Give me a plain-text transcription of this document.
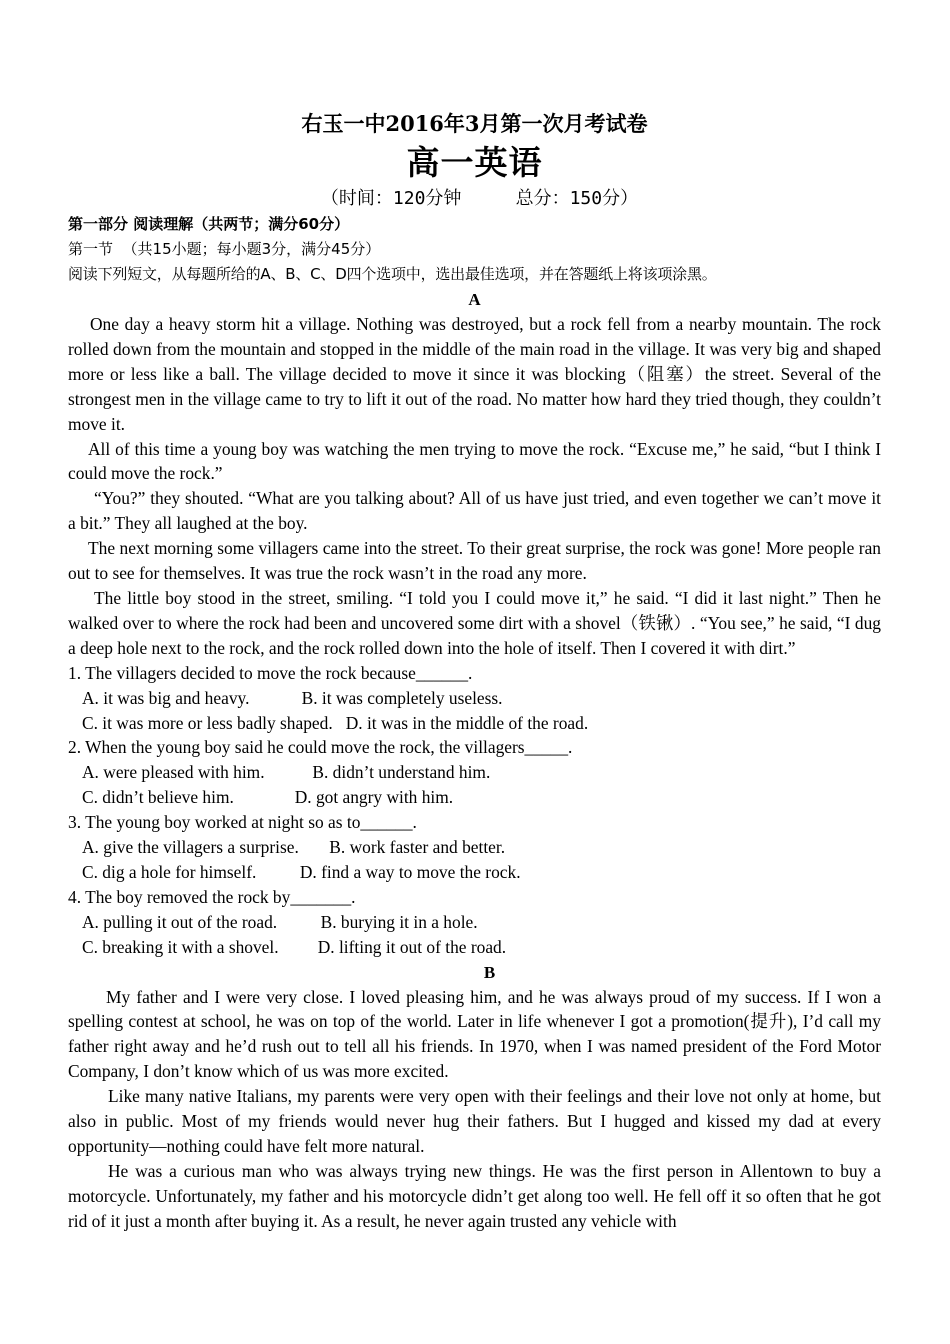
右玉一中2016年3月第一次月考试卷
高一英语
（时间：120分钟     总分：150分）
第一部分 阅读理解（共两节；满分60分）
第一节  （共15小题；每小题3分，满分45分）
阅读下列短文，从每题所给的A、B、C、D四个选项中，选出最佳选项，并在答题纸上将该项涂黑。
A

One day a heavy storm hit a village. Nothing was destroyed, but a rock fell from a nearby mountain. The rock rolled down from the mountain and stopped in the middle of the main road in the village. It was very big and shaped more or less like a ball. The village decided to move it since it was blocking（阻塞）the street. Several of the strongest men in the village came to try to lift it out of the road. No matter how hard they tried though, they couldn’t move it.

All of this time a young boy was watching the men trying to move the rock. “Excuse me,” he said, “but I think I could move the rock.”

“You?” they shouted. “What are you talking about? All of us have just tried, and even together we can’t move it a bit.” They all laughed at the boy.

The next morning some villagers came into the street. To their great surprise, the rock was gone! More people ran out to see for themselves. It was true the rock wasn’t in the road any more.

The little boy stood in the street, smiling. “I told you I could move it,” he said. “I did it last night.” Then he walked over to where the rock had been and uncovered some dirt with a shovel（铁锹）. “You see,” he said, “I dug a deep hole next to the rock, and the rock rolled down into the hole of itself. Then I covered it with dirt.”

1. The villagers decided to move the rock because______.
A. it was big and heavy.            B. it was completely useless.
C. it was more or less badly shaped.   D. it was in the middle of the road.
2. When the young boy said he could move the rock, the villagers_____.
A. were pleased with him.           B. didn’t understand him.
C. didn’t believe him.              D. got angry with him.
3. The young boy worked at night so as to______.
A. give the villagers a surprise.       B. work faster and better.
C. dig a hole for himself.          D. find a way to move the rock.
4. The boy removed the rock by_______.
A. pulling it out of the road.          B. burying it in a hole.
C. breaking it with a shovel.         D. lifting it out of the road.
B

My father and I were very close. I loved pleasing him, and he was always proud of my success. If I won a spelling contest at school, he was on top of the world. Later in life whenever I got a promotion(提升), I’d call my father right away and he’d rush out to tell all his friends. In 1970, when I was named president of the Ford Motor Company, I don’t know which of us was more excited.

Like many native Italians, my parents were very open with their feelings and their love not only at home, but also in public. Most of my friends would never hug their fathers. But I hugged and kissed my dad at every opportunity—nothing could have felt more natural.

He was a curious man who was always trying new things. He was the first person in Allentown to buy a motorcycle. Unfortunately, my father and his motorcycle didn’t get along too well. He fell off it so often that he got rid of it just a month after buying it. As a result, he never again trusted any vehicle with
